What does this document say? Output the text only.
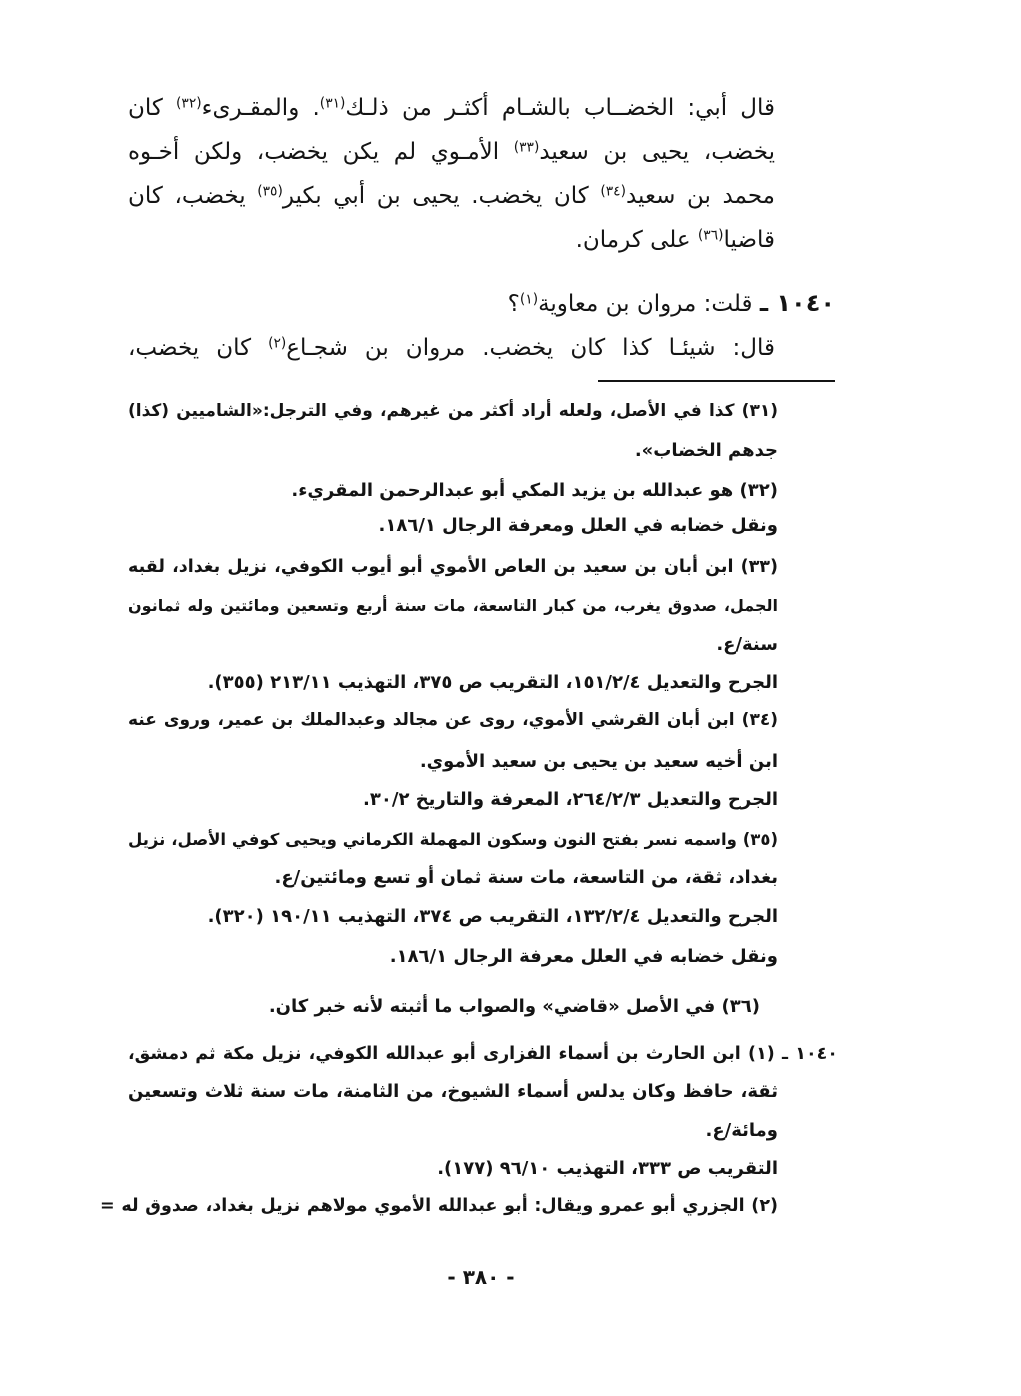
قال أبي: الخضــاب بالشـام أكثـر من ذلـك$^{(٣١)}$. والمقـرىء$^{(٣٢)}$ كان
يخضب، يحيى بن سعيد$^{(٣٣)}$ الأمـوي لم يكن يخضب، ولكن أخـوه
محمد بن سعيد$^{(٣٤)}$ كان يخضب. يحيى بن أبي بكير$^{(٣٥)}$ يخضب، كان
قاضيا$^{(٣٦)}$ على كرمان.
١٠٤٠ ـ قلت: مروان بن معاوية$^{(١)}$؟
قال: شيئـا كذا كان يخضب. مروان بن شجـاع$^{(٢)}$ كان يخضب،
(٣١) كذا في الأصل، ولعله أراد أكثر من غيرهم، وفي الترجل:«الشاميين (كذا)
جدهم الخضاب».
(٣٢) هو عبدالله بن يزيد المكي أبو عبدالرحمن المقريء.
ونقل خضابه في العلل ومعرفة الرجال ١٨٦/١.
(٣٣) ابن أبان بن سعيد بن العاص الأموي أبو أيوب الكوفي، نزيل بغداد، لقبه
الجمل، صدوق يغرب، من كبار التاسعة، مات سنة أربع وتسعين ومائتين وله ثمانون
سنة/ع.
الجرح والتعديل ١٥١/٢/٤، التقريب ص ٣٧٥، التهذيب ٢١٣/١١ (٣٥٥).
(٣٤) ابن أبان القرشي الأموي، روى عن مجالد وعبدالملك بن عمير، وروى عنه
ابن أخيه سعيد بن يحيى بن سعيد الأموي.
الجرح والتعديل ٢٦٤/٢/٣، المعرفة والتاريخ ٣٠/٢.
(٣٥) واسمه نسر بفتح النون وسكون المهملة الكرماني ويحيى كوفي الأصل، نزيل
بغداد، ثقة، من التاسعة، مات سنة ثمان أو تسع ومائتين/ع.
الجرح والتعديل ١٣٢/٢/٤، التقريب ص ٣٧٤، التهذيب ١٩٠/١١ (٣٢٠).
ونقل خضابه في العلل معرفة الرجال ١٨٦/١.
(٣٦) في الأصل «قاضي» والصواب ما أثبته لأنه خبر كان.
١٠٤٠ ـ (١) ابن الحارث بن أسماء الفزارى أبو عبدالله الكوفي، نزيل مكة ثم دمشق،
ثقة، حافظ وكان يدلس أسماء الشيوخ، من الثامنة، مات سنة ثلاث وتسعين
ومائة/ع.
التقريب ص ٣٣٣، التهذيب ٩٦/١٠ (١٧٧).
(٢) الجزري أبو عمرو ويقال: أبو عبدالله الأموي مولاهم نزيل بغداد، صدوق له =
- ٣٨٠ -
